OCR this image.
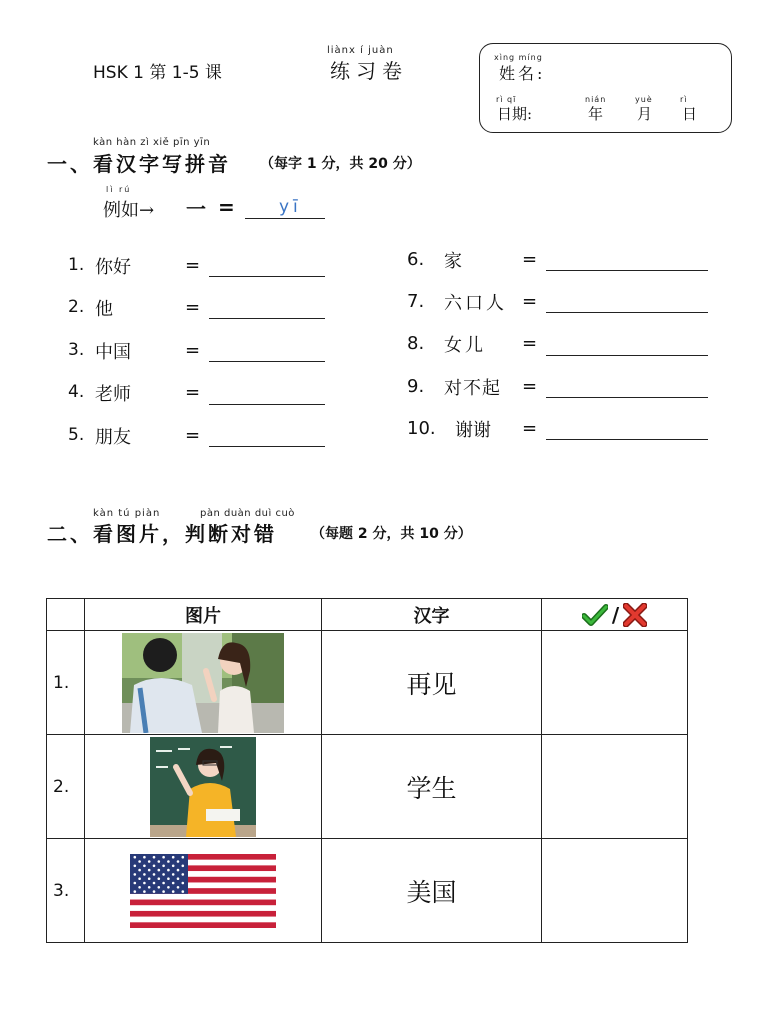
HSK 1 第 1-5 课
liànx í juàn
练习卷
xìng míng
姓名:
rì qī
日期:
nián
年
yuè
月
rì
日
kàn hàn zì xiě pīn yīn
一、看汉字写拼音 （每字 1 分，共 20 分）
lì rú
例如→ 一 =	yī
1. 你好	=
2. 他	=
3. 中国	=
4. 老师	=
5. 朋友	=
6. 家	=
7. 六口人 =
8. 女儿 =
9. 对不起 =
10. 谢谢 =
kàn tú piàn	pàn duàn duì cuò
二、看图片，判断对错 （每题 2 分，共 10 分）
	图片	汉字	/

1.		再见	
2.		学生	
3.		美国	
